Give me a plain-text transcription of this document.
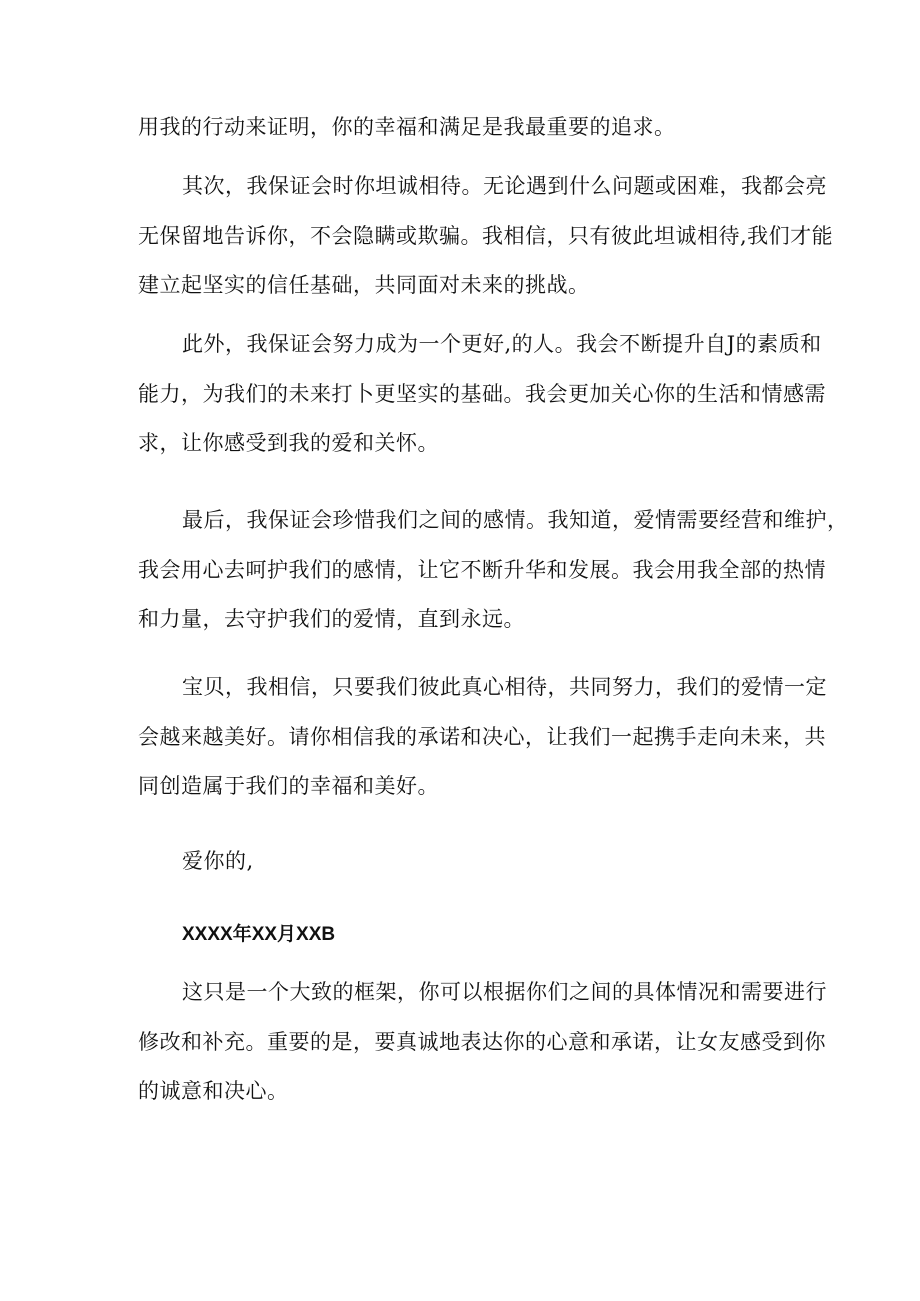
用我的行动来证明，你的幸福和满足是我最重要的追求。
其次，我保证会时你坦诚相待。无论遇到什么问题或困难，我都会亮
无保留地告诉你，不会隐瞒或欺骗。我相信，只有彼此坦诚相待,我们才能
建立起坚实的信任基础，共同面对未来的挑战。
此外，我保证会努力成为一个更好,的人。我会不断提升自J的素质和
能力，为我们的未来打卜更坚实的基础。我会更加关心你的生活和情感需
求，让你感受到我的爱和关怀。
最后，我保证会珍惜我们之间的感情。我知道，爱情需要经营和维护，
我会用心去呵护我们的感情，让它不断升华和发展。我会用我全部的热情
和力量，去守护我们的爱情，直到永远。
宝贝，我相信，只要我们彼此真心相待，共同努力，我们的爱情一定
会越来越美好。请你相信我的承诺和决心，让我们一起携手走向未来，共
同创造属于我们的幸福和美好。
爱你的,
XXXX年XX月XXB
这只是一个大致的框架，你可以根据你们之间的具体情况和需要进行
修改和补充。重要的是，要真诚地表达你的心意和承诺，让女友感受到你
的诚意和决心。
